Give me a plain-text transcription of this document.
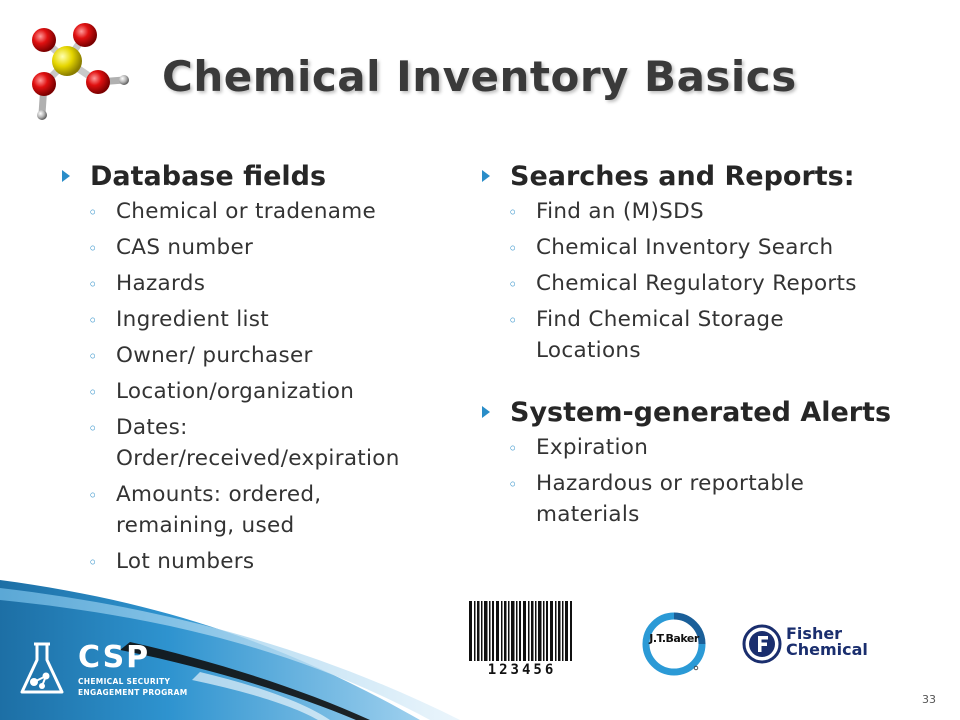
Chemical Inventory Basics
Database fields
◦ Chemical or tradename
◦ CAS number
◦ Hazards
◦ Ingredient list
◦ Owner/ purchaser
◦ Location/organization
◦ Dates: Order/received/expiration
◦ Amounts: ordered, remaining, used
◦ Lot numbers
Searches and Reports:
◦ Find an (M)SDS
◦ Chemical Inventory Search
◦ Chemical Regulatory Reports
◦ Find Chemical Storage Locations
System-generated Alerts
◦ Expiration
◦ Hazardous or reportable materials
CSP
CHEMICAL SECURITY
ENGAGEMENT PROGRAM
123456
J.T.Baker	Fisher
Chemical
33
